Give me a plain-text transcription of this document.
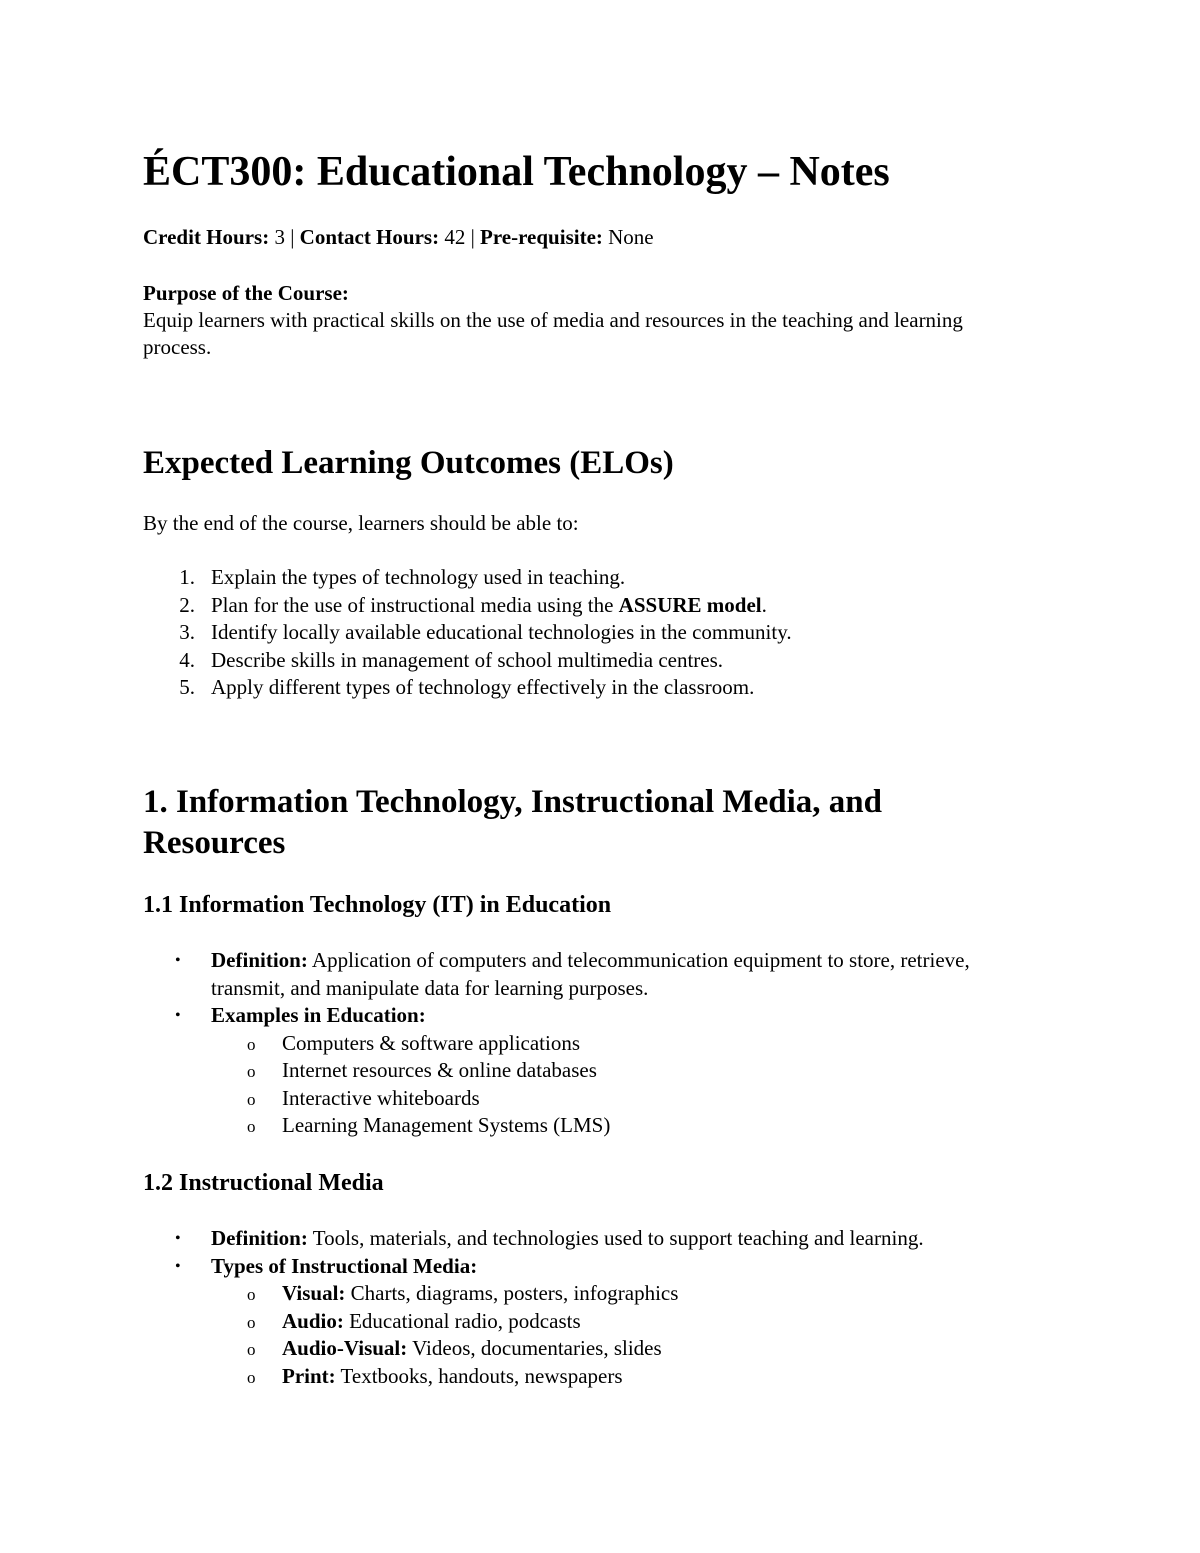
ÉCT300: Educational Technology – Notes
Credit Hours: 3 | Contact Hours: 42 | Pre-requisite: None
Purpose of the Course:
Equip learners with practical skills on the use of media and resources in the teaching and learning process.
Expected Learning Outcomes (ELOs)
By the end of the course, learners should be able to:
1. Explain the types of technology used in teaching.
2. Plan for the use of instructional media using the ASSURE model.
3. Identify locally available educational technologies in the community.
4. Describe skills in management of school multimedia centres.
5. Apply different types of technology effectively in the classroom.
1. Information Technology, Instructional Media, and
Resources
1.1 Information Technology (IT) in Education
• Definition: Application of computers and telecommunication equipment to store, retrieve, transmit, and manipulate data for learning purposes.
• Examples in Education:
o Computers & software applications
o Internet resources & online databases
o Interactive whiteboards
o Learning Management Systems (LMS)
1.2 Instructional Media
• Definition: Tools, materials, and technologies used to support teaching and learning.
• Types of Instructional Media:
o Visual: Charts, diagrams, posters, infographics
o Audio: Educational radio, podcasts
o Audio-Visual: Videos, documentaries, slides
o Print: Textbooks, handouts, newspapers
